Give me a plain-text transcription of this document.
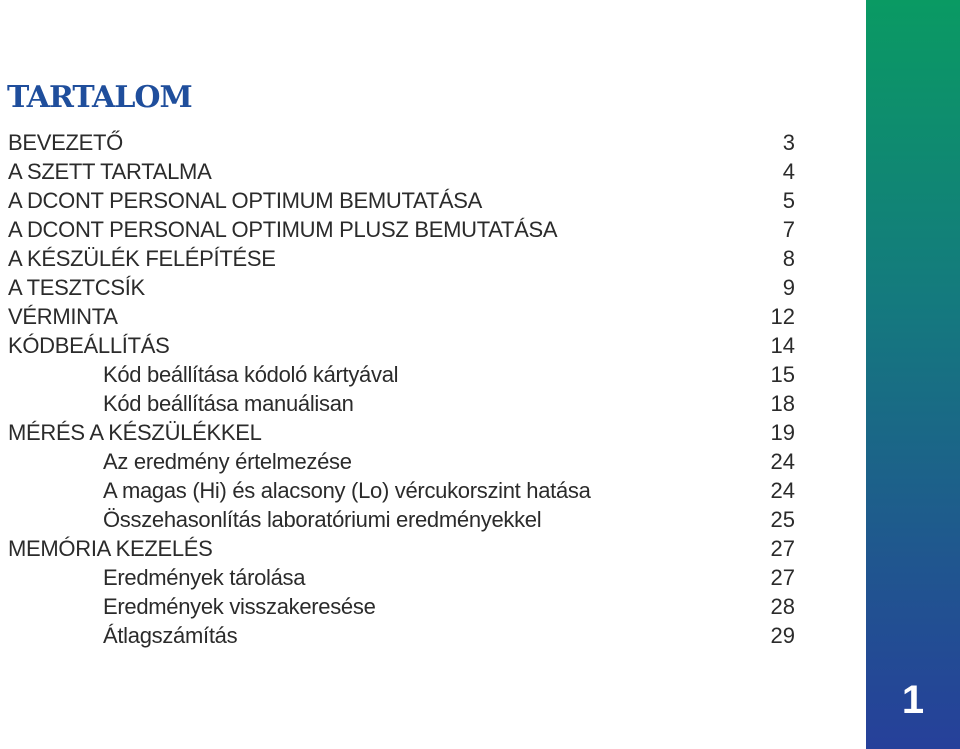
TARTALOM
BEVEZETŐ	3
A SZETT TARTALMA	4
A DCONT PERSONAL OPTIMUM BEMUTATÁSA	5
A DCONT PERSONAL OPTIMUM PLUSZ BEMUTATÁSA	7
A KÉSZÜLÉK FELÉPÍTÉSE	8
A TESZTCSÍK	9
VÉRMINTA	12
KÓDBEÁLLÍTÁS	14
Kód beállítása kódoló kártyával	15
Kód beállítása manuálisan	18
MÉRÉS A KÉSZÜLÉKKEL	19
Az eredmény értelmezése	24
A magas (Hi) és alacsony (Lo) vércukorszint hatása	24
Összehasonlítás laboratóriumi eredményekkel	25
MEMÓRIA KEZELÉS	27
Eredmények tárolása	27
Eredmények visszakeresése	28
Átlagszámítás	29
1
